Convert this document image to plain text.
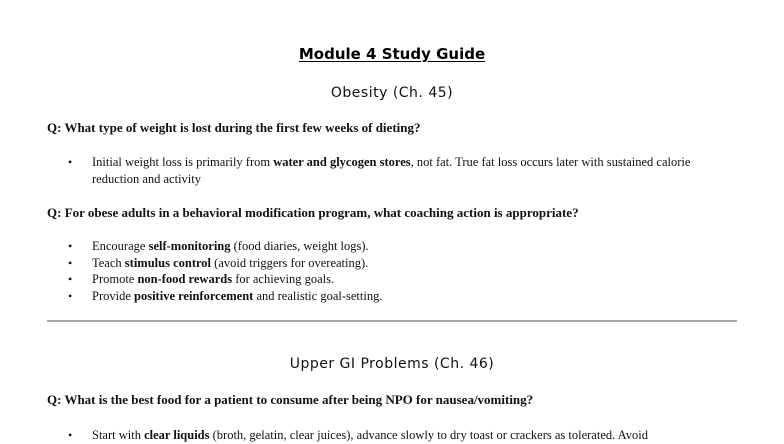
Module 4 Study Guide
Obesity (Ch. 45)
Q: What type of weight is lost during the first few weeks of dieting?
• Initial weight loss is primarily from water and glycogen stores, not fat. True fat loss occurs later with sustained calorie reduction and activity
Q: For obese adults in a behavioral modification program, what coaching action is appropriate?
• Encourage self-monitoring (food diaries, weight logs).
• Teach stimulus control (avoid triggers for overeating).
• Promote non-food rewards for achieving goals.
• Provide positive reinforcement and realistic goal-setting.
Upper GI Problems (Ch. 46)
Q: What is the best food for a patient to consume after being NPO for nausea/vomiting?
• Start with clear liquids (broth, gelatin, clear juices), advance slowly to dry toast or crackers as tolerated. Avoid
